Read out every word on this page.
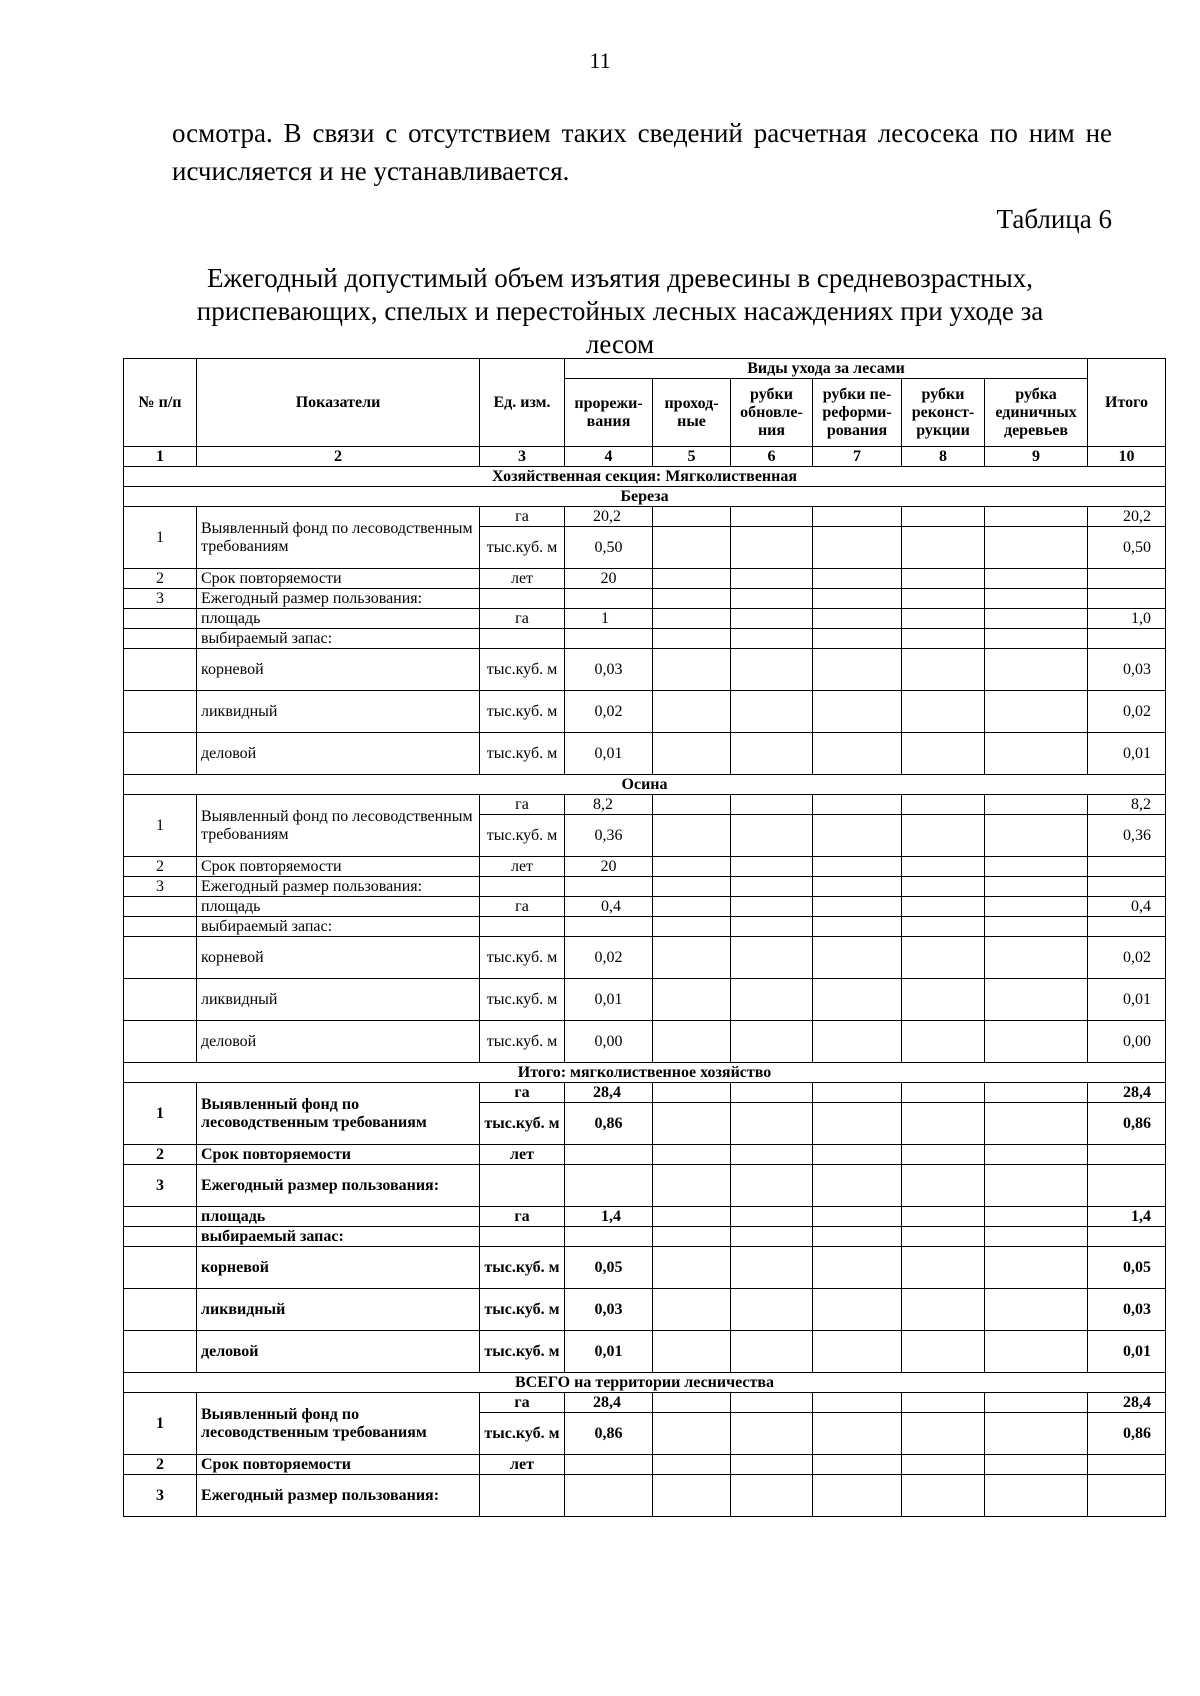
11
осмотра. В связи с отсутствием таких сведений расчетная лесосека по ним не исчисляется и не устанавливается.
Таблица 6
Ежегодный допустимый объем изъятия древесины в средневозрастных, приспевающих, спелых и перестойных лесных насаждениях при уходе за лесом
№ п/п	Показатели	Ед. изм.	Виды ухода за лесами						Итого
			прорежи-вания	проход-ные	рубки обновле-ния	рубки пе-реформи-рования	рубки реконст-рукции	рубка единичных деревьев	
1	2	3	4	5	6	7	8	9	10
Хозяйственная секция: Мягколиственная									
Береза									
1	Выявленный фонд по лесоводственным требованиям	га	20,2						20,2
		тыс.куб. м	0,50						0,50
2	Срок повторяемости	лет	20						
3	Ежегодный размер пользования:								
	площадь	га	1						1,0
	выбираемый запас:								
	корневой	тыс.куб. м	0,03						0,03
	ликвидный	тыс.куб. м	0,02						0,02
	деловой	тыс.куб. м	0,01						0,01
Осина									
1	Выявленный фонд по лесоводственным требованиям	га	8,2						8,2
		тыс.куб. м	0,36						0,36
2	Срок повторяемости	лет	20						
3	Ежегодный размер пользования:								
	площадь	га	0,4						0,4
	выбираемый запас:								
	корневой	тыс.куб. м	0,02						0,02
	ликвидный	тыс.куб. м	0,01						0,01
	деловой	тыс.куб. м	0,00						0,00
Итого: мягколиственное хозяйство									
1	Выявленный фонд по лесоводственным требованиям	га	28,4						28,4
		тыс.куб. м	0,86						0,86
2	Срок повторяемости	лет							
3	Ежегодный размер пользования:								
	площадь	га	1,4						1,4
	выбираемый запас:								
	корневой	тыс.куб. м	0,05						0,05
	ликвидный	тыс.куб. м	0,03						0,03
	деловой	тыс.куб. м	0,01						0,01
ВСЕГО на территории лесничества									
1	Выявленный фонд по лесоводственным требованиям	га	28,4						28,4
		тыс.куб. м	0,86						0,86
2	Срок повторяемости	лет							
3	Ежегодный размер пользования:								
